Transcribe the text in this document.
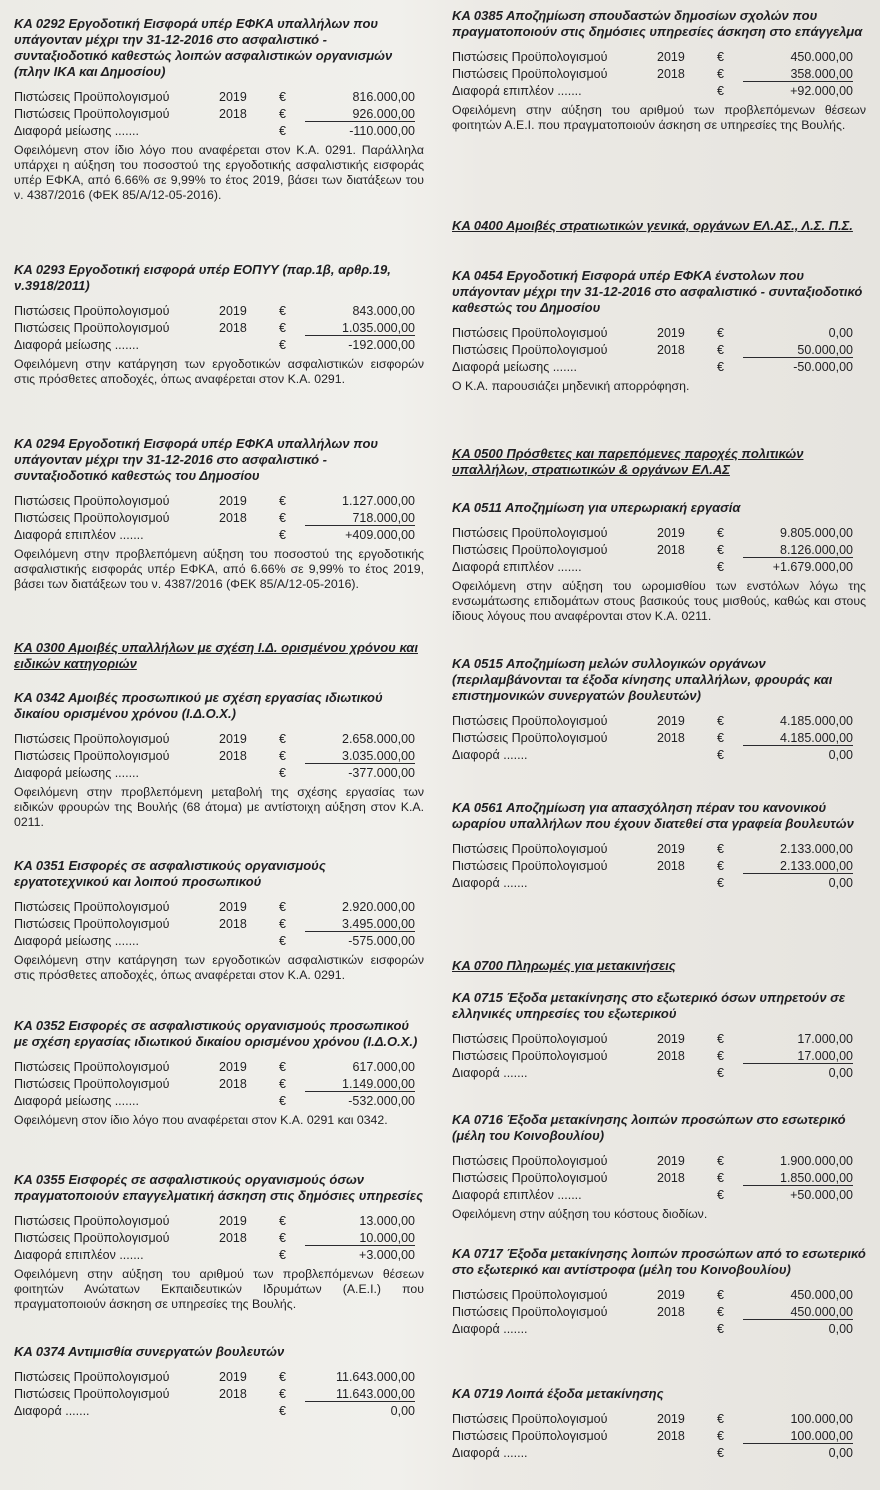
ΚΑ 0292 Εργοδοτική Εισφορά υπέρ ΕΦΚΑ υπαλλήλων που υπάγονταν μέχρι την 31-12-2016 στο ασφαλιστικό - συνταξιοδοτικό καθεστώς λοιπών ασφαλιστικών οργανισμών (πλην ΙΚΑ και Δημοσίου)
Πιστώσεις Προϋπολογισμού	2019	€	816.000,00
Πιστώσεις Προϋπολογισμού	2018	€	926.000,00
Διαφορά μείωσης .......	€	-110.000,00
Οφειλόμενη στον ίδιο λόγο που αναφέρεται στον Κ.Α. 0291. Παράλληλα υπάρχει η αύξηση του ποσοστού της εργοδοτικής ασφαλιστικής εισφοράς υπέρ ΕΦΚΑ, από 6.66% σε 9,99% το έτος 2019, βάσει των διατάξεων του ν. 4387/2016 (ΦΕΚ 85/Α/12-05-2016).
ΚΑ 0293 Εργοδοτική εισφορά υπέρ ΕΟΠΥΥ (παρ.1β, αρθρ.19, ν.3918/2011)
Πιστώσεις Προϋπολογισμού	2019	€	843.000,00
Πιστώσεις Προϋπολογισμού	2018	€	1.035.000,00
Διαφορά μείωσης .......	€	-192.000,00
Οφειλόμενη στην κατάργηση των εργοδοτικών ασφαλιστικών εισφορών στις πρόσθετες αποδοχές, όπως αναφέρεται στον Κ.Α. 0291.
ΚΑ 0294 Εργοδοτική Εισφορά υπέρ ΕΦΚΑ υπαλλήλων που υπάγονταν μέχρι την 31-12-2016 στο ασφαλιστικό - συνταξιοδοτικό καθεστώς του Δημοσίου
Πιστώσεις Προϋπολογισμού	2019	€	1.127.000,00
Πιστώσεις Προϋπολογισμού	2018	€	718.000,00
Διαφορά επιπλέον .......	€	+409.000,00
Οφειλόμενη στην προβλεπόμενη αύξηση του ποσοστού της εργοδοτικής ασφαλιστικής εισφοράς υπέρ ΕΦΚΑ, από 6.66% σε 9,99% το έτος 2019, βάσει των διατάξεων του ν. 4387/2016 (ΦΕΚ 85/Α/12-05-2016).
ΚΑ 0300 Αμοιβές υπαλλήλων με σχέση Ι.Δ. ορισμένου χρόνου και ειδικών κατηγοριών
ΚΑ 0342 Αμοιβές προσωπικού με σχέση εργασίας ιδιωτικού δικαίου ορισμένου χρόνου (Ι.Δ.Ο.Χ.)
Πιστώσεις Προϋπολογισμού	2019	€	2.658.000,00
Πιστώσεις Προϋπολογισμού	2018	€	3.035.000,00
Διαφορά μείωσης .......	€	-377.000,00
Οφειλόμενη στην προβλεπόμενη μεταβολή της σχέσης εργασίας των ειδικών φρουρών της Βουλής (68 άτομα) με αντίστοιχη αύξηση στον Κ.Α. 0211.
ΚΑ 0351 Εισφορές σε ασφαλιστικούς οργανισμούς εργατοτεχνικού και λοιπού προσωπικού
Πιστώσεις Προϋπολογισμού	2019	€	2.920.000,00
Πιστώσεις Προϋπολογισμού	2018	€	3.495.000,00
Διαφορά μείωσης .......	€	-575.000,00
Οφειλόμενη στην κατάργηση των εργοδοτικών ασφαλιστικών εισφορών στις πρόσθετες αποδοχές, όπως αναφέρεται στον Κ.Α. 0291.
ΚΑ 0352 Εισφορές σε ασφαλιστικούς οργανισμούς προσωπικού με σχέση εργασίας ιδιωτικού δικαίου ορισμένου χρόνου (Ι.Δ.Ο.Χ.)
Πιστώσεις Προϋπολογισμού	2019	€	617.000,00
Πιστώσεις Προϋπολογισμού	2018	€	1.149.000,00
Διαφορά μείωσης .......	€	-532.000,00
Οφειλόμενη στον ίδιο λόγο που αναφέρεται στον Κ.Α. 0291 και 0342.
ΚΑ 0355 Εισφορές σε ασφαλιστικούς οργανισμούς όσων πραγματοποιούν επαγγελματική άσκηση στις δημόσιες υπηρεσίες
Πιστώσεις Προϋπολογισμού	2019	€	13.000,00
Πιστώσεις Προϋπολογισμού	2018	€	10.000,00
Διαφορά επιπλέον .......	€	+3.000,00
Οφειλόμενη στην αύξηση του αριθμού των προβλεπόμενων θέσεων φοιτητών Ανώτατων Εκπαιδευτικών Ιδρυμάτων (Α.Ε.Ι.) που πραγματοποιούν άσκηση σε υπηρεσίες της Βουλής.
ΚΑ 0374 Αντιμισθία συνεργατών βουλευτών
Πιστώσεις Προϋπολογισμού	2019	€	11.643.000,00
Πιστώσεις Προϋπολογισμού	2018	€	11.643.000,00
Διαφορά .......	€	0,00
ΚΑ 0385 Αποζημίωση σπουδαστών δημοσίων σχολών που πραγματοποιούν στις δημόσιες υπηρεσίες άσκηση στο επάγγελμα
Πιστώσεις Προϋπολογισμού	2019	€	450.000,00
Πιστώσεις Προϋπολογισμού	2018	€	358.000,00
Διαφορά επιπλέον .......	€	+92.000,00
Οφειλόμενη στην αύξηση του αριθμού των προβλεπόμενων θέσεων φοιτητών Α.Ε.Ι. που πραγματοποιούν άσκηση σε υπηρεσίες της Βουλής.
ΚΑ 0400 Αμοιβές στρατιωτικών γενικά, οργάνων ΕΛ.ΑΣ., Λ.Σ. Π.Σ.
ΚΑ 0454 Εργοδοτική Εισφορά υπέρ ΕΦΚΑ ένστολων που υπάγονταν μέχρι την 31-12-2016 στο ασφαλιστικό - συνταξιοδοτικό καθεστώς του Δημοσίου
Πιστώσεις Προϋπολογισμού	2019	€	0,00
Πιστώσεις Προϋπολογισμού	2018	€	50.000,00
Διαφορά μείωσης .......	€	-50.000,00
Ο Κ.Α. παρουσιάζει μηδενική απορρόφηση.
ΚΑ 0500 Πρόσθετες και παρεπόμενες παροχές πολιτικών υπαλλήλων, στρατιωτικών & οργάνων ΕΛ.ΑΣ
ΚΑ 0511 Αποζημίωση για υπερωριακή εργασία
Πιστώσεις Προϋπολογισμού	2019	€	9.805.000,00
Πιστώσεις Προϋπολογισμού	2018	€	8.126.000,00
Διαφορά επιπλέον .......	€	+1.679.000,00
Οφειλόμενη στην αύξηση του ωρομισθίου των ενστόλων λόγω της ενσωμάτωσης επιδομάτων στους βασικούς τους μισθούς, καθώς και στους ίδιους λόγους που αναφέρονται στον Κ.Α. 0211.
ΚΑ 0515 Αποζημίωση μελών συλλογικών οργάνων (περιλαμβάνονται τα έξοδα κίνησης υπαλλήλων, φρουράς και επιστημονικών συνεργατών βουλευτών)
Πιστώσεις Προϋπολογισμού	2019	€	4.185.000,00
Πιστώσεις Προϋπολογισμού	2018	€	4.185.000,00
Διαφορά .......	€	0,00
ΚΑ 0561 Αποζημίωση για απασχόληση πέραν του κανονικού ωραρίου υπαλλήλων που έχουν διατεθεί στα γραφεία βουλευτών
Πιστώσεις Προϋπολογισμού	2019	€	2.133.000,00
Πιστώσεις Προϋπολογισμού	2018	€	2.133.000,00
Διαφορά .......	€	0,00
ΚΑ 0700 Πληρωμές για μετακινήσεις
ΚΑ 0715 Έξοδα μετακίνησης στο εξωτερικό όσων υπηρετούν σε ελληνικές υπηρεσίες του εξωτερικού
Πιστώσεις Προϋπολογισμού	2019	€	17.000,00
Πιστώσεις Προϋπολογισμού	2018	€	17.000,00
Διαφορά .......	€	0,00
ΚΑ 0716 Έξοδα μετακίνησης λοιπών προσώπων στο εσωτερικό (μέλη του Κοινοβουλίου)
Πιστώσεις Προϋπολογισμού	2019	€	1.900.000,00
Πιστώσεις Προϋπολογισμού	2018	€	1.850.000,00
Διαφορά επιπλέον .......	€	+50.000,00
Οφειλόμενη στην αύξηση του κόστους διοδίων.
ΚΑ 0717 Έξοδα μετακίνησης λοιπών προσώπων από το εσωτερικό στο εξωτερικό και αντίστροφα (μέλη του Κοινοβουλίου)
Πιστώσεις Προϋπολογισμού	2019	€	450.000,00
Πιστώσεις Προϋπολογισμού	2018	€	450.000,00
Διαφορά .......	€	0,00
ΚΑ 0719 Λοιπά έξοδα μετακίνησης
Πιστώσεις Προϋπολογισμού	2019	€	100.000,00
Πιστώσεις Προϋπολογισμού	2018	€	100.000,00
Διαφορά .......	€	0,00
